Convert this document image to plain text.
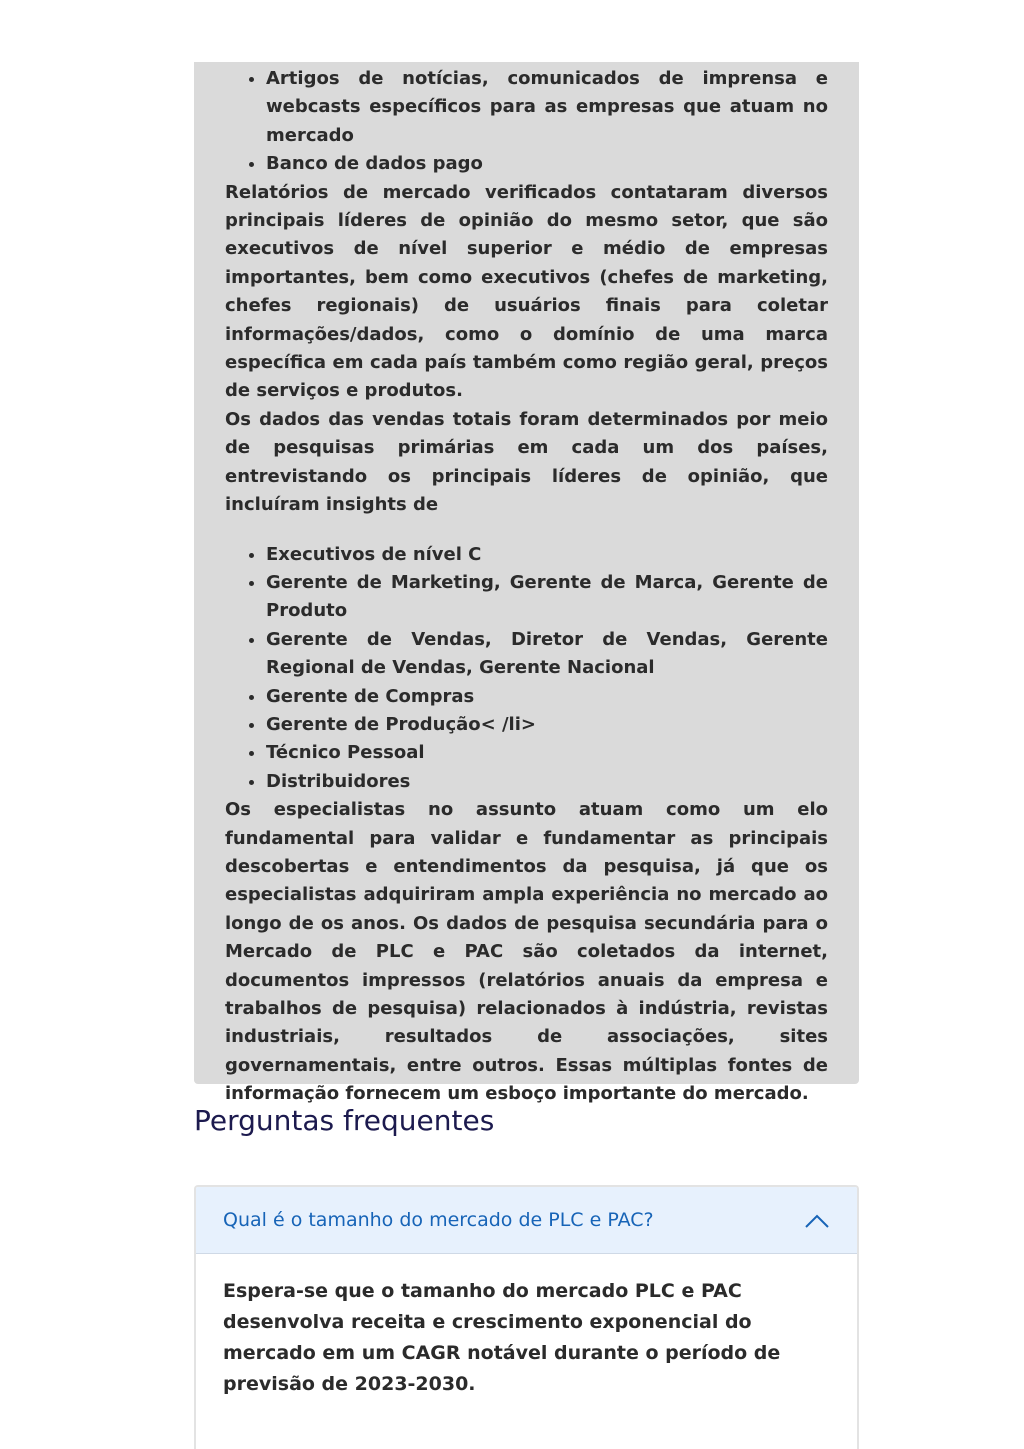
• Artigos de notícias, comunicados de imprensa e webcasts específicos para as empresas que atuam no mercado
• Banco de dados pago

Relatórios de mercado verificados contataram diversos principais líderes de opinião do mesmo setor, que são executivos de nível superior e médio de empresas importantes, bem como executivos (chefes de marketing, chefes regionais) de usuários finais para coletar informações/dados, como o domínio de uma marca específica em cada país também como região geral, preços de serviços e produtos.

Os dados das vendas totais foram determinados por meio de pesquisas primárias em cada um dos países, entrevistando os principais líderes de opinião, que incluíram insights de

• Executivos de nível C
• Gerente de Marketing, Gerente de Marca, Gerente de Produto
• Gerente de Vendas, Diretor de Vendas, Gerente Regional de Vendas, Gerente Nacional
• Gerente de Compras
• Gerente de Produção< /li>
• Técnico Pessoal
• Distribuidores

Os especialistas no assunto atuam como um elo fundamental para validar e fundamentar as principais descobertas e entendimentos da pesquisa, já que os especialistas adquiriram ampla experiência no mercado ao longo de os anos. Os dados de pesquisa secundária para o Mercado de PLC e PAC são coletados da internet, documentos impressos (relatórios anuais da empresa e trabalhos de pesquisa) relacionados à indústria, revistas industriais, resultados de associações, sites governamentais, entre outros. Essas múltiplas fontes de informação fornecem um esboço importante do mercado.

Perguntas frequentes
Qual é o tamanho do mercado de PLC e PAC?
Espera-se que o tamanho do mercado PLC e PAC desenvolva receita e crescimento exponencial do mercado em um CAGR notável durante o período de previsão de 2023-2030.
